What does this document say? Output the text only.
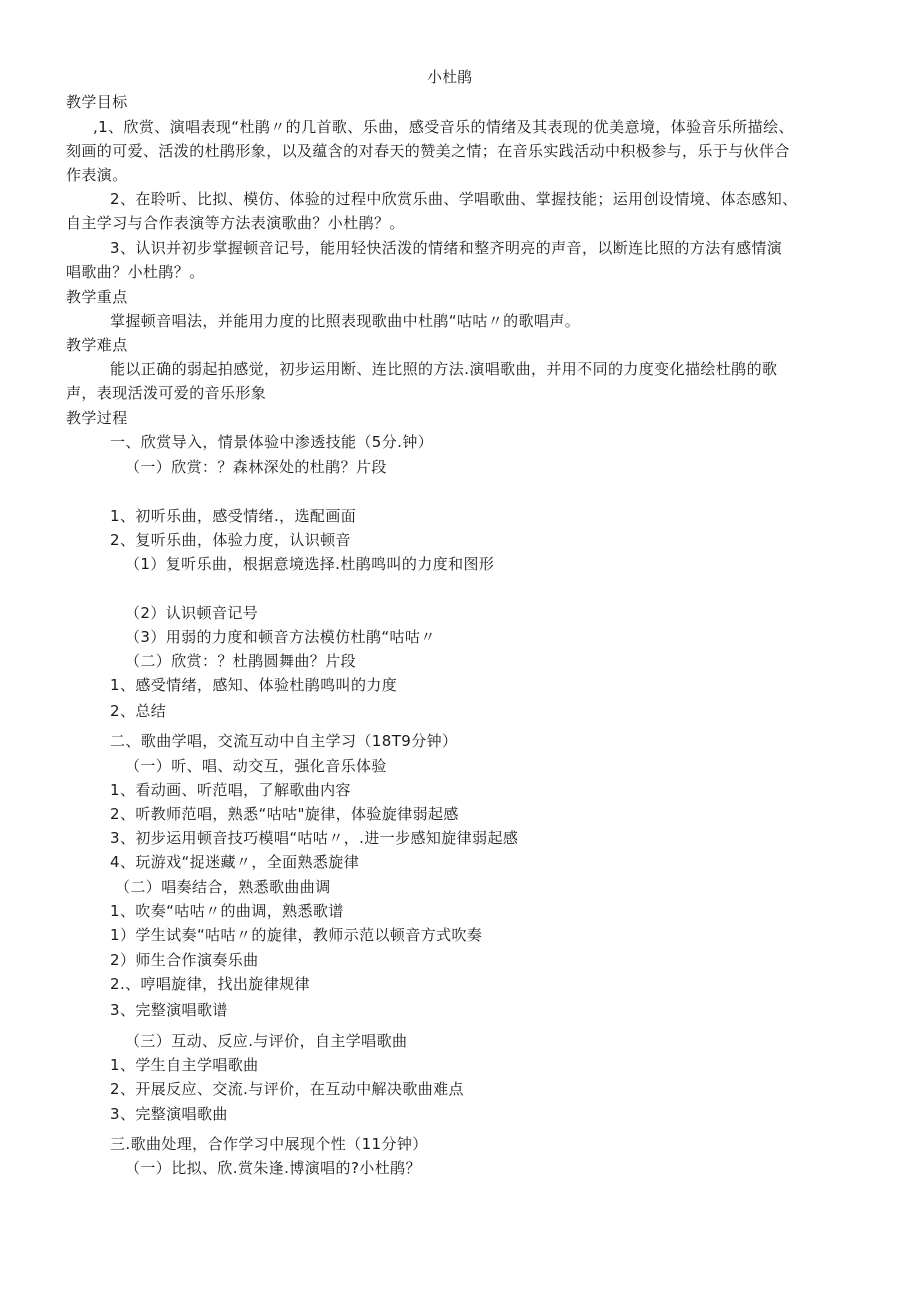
小杜鹃
教学目标
,1、欣赏、演唱表现“杜鹃〃的几首歌、乐曲，感受音乐的情绪及其表现的优美意境，体验音乐所描绘、
刻画的可爱、活泼的杜鹃形象，以及蕴含的对春天的赞美之情；在音乐实践活动中积极参与，乐于与伙伴合
作表演。
2、在聆听、比拟、模仿、体验的过程中欣赏乐曲、学唱歌曲、掌握技能；运用创设情境、体态感知、
自主学习与合作表演等方法表演歌曲？小杜鹃？。
3、认识并初步掌握顿音记号，能用轻快活泼的情绪和整齐明亮的声音，以断连比照的方法有感情演
唱歌曲？小杜鹃？。
教学重点
掌握顿音唱法，并能用力度的比照表现歌曲中杜鹃“咕咕〃的歌唱声。
教学难点
能以正确的弱起拍感觉，初步运用断、连比照的方法.演唱歌曲，并用不同的力度变化描绘杜鹃的歌
声，表现活泼可爱的音乐形象
教学过程
一、欣赏导入，情景体验中渗透技能（5分.钟）
（一）欣赏：？森林深处的杜鹃？片段
1、初听乐曲，感受情绪.，选配画面
2、复听乐曲，体验力度，认识顿音
（1）复听乐曲，根据意境选择.杜鹃鸣叫的力度和图形
（2）认识顿音记号
（3）用弱的力度和顿音方法模仿杜鹃“咕咕〃
（二）欣赏：？杜鹃圆舞曲？片段
1、感受情绪，感知、体验杜鹃鸣叫的力度
2、总结
二、歌曲学唱，交流互动中自主学习（18T9分钟）
（一）听、唱、动交互，强化音乐体验
1、看动画、听范唱，了解歌曲内容
2、听教师范唱，熟悉“咕咕"旋律，体验旋律弱起感
3、初步运用顿音技巧模唱“咕咕〃，.进一步感知旋律弱起感
4、玩游戏“捉迷藏〃，全面熟悉旋律
（二）唱奏结合，熟悉歌曲曲调
1、吹奏“咕咕〃的曲调，熟悉歌谱
1）学生试奏“咕咕〃的旋律，教师示范以顿音方式吹奏
2）师生合作演奏乐曲
2.、哼唱旋律，找出旋律规律
3、完整演唱歌谱
（三）互动、反应.与评价，自主学唱歌曲
1、学生自主学唱歌曲
2、开展反应、交流.与评价，在互动中解决歌曲难点
3、完整演唱歌曲
三.歌曲处理，合作学习中展现个性（11分钟）
（一）比拟、欣.赏朱逢.博演唱的?小杜鹃？
